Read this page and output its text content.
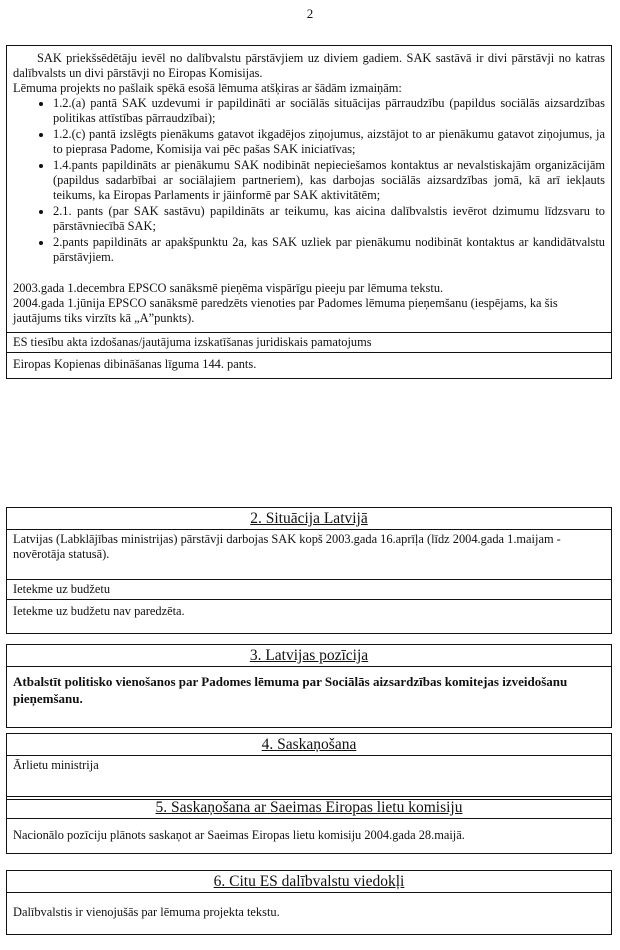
2

SAK priekšsēdētāju ievēl no dalībvalstu pārstāvjiem uz diviem gadiem. SAK sastāvā ir divi pārstāvji no katras dalībvalsts un divi pārstāvji no Eiropas Komisijas.

Lēmuma projekts no pašlaik spēkā esošā lēmuma atšķiras ar šādām izmaiņām:

• 1.2.(a) pantā SAK uzdevumi ir papildināti ar sociālās situācijas pārraudzību (papildus sociālās aizsardzības politikas attīstības pārraudzībai);
• 1.2.(c) pantā izslēgts pienākums gatavot ikgadējos ziņojumus, aizstājot to ar pienākumu gatavot ziņojumus, ja to pieprasa Padome, Komisija vai pēc pašas SAK iniciatīvas;
• 1.4.pants papildināts ar pienākumu SAK nodibināt nepieciešamos kontaktus ar nevalstiskajām organizācijām (papildus sadarbībai ar sociālajiem partneriem), kas darbojas sociālās aizsardzības jomā, kā arī iekļauts teikums, ka Eiropas Parlaments ir jāinformē par SAK aktivitātēm;
• 2.1. pants (par SAK sastāvu) papildināts ar teikumu, kas aicina dalībvalstis ievērot dzimumu līdzsvaru to pārstāvniecībā SAK;
• 2.pants papildināts ar apakšpunktu 2a, kas SAK uzliek par pienākumu nodibināt kontaktus ar kandidātvalstu pārstāvjiem.

2003.gada 1.decembra EPSCO sanāksmē pieņēma vispārīgu pieeju par lēmuma tekstu.

2004.gada 1.jūnija EPSCO sanāksmē paredzēts vienoties par Padomes lēmuma pieņemšanu (iespējams, ka šis jautājums tiks virzīts kā „A”punkts).

ES tiesību akta izdošanas/jautājuma izskatīšanas juridiskais pamatojums
Eiropas Kopienas dibināšanas līguma 144. pants.
2. Situācija Latvijā
Latvijas (Labklājības ministrijas) pārstāvji darbojas SAK kopš 2003.gada 16.aprīļa (līdz 2004.gada 1.maijam - novērotāja statusā).
Ietekme uz budžetu
Ietekme uz budžetu nav paredzēta.
3. Latvijas pozīcija
Atbalstīt politisko vienošanos par Padomes lēmuma par Sociālās aizsardzības komitejas izveidošanu pieņemšanu.
4. Saskaņošana
Ārlietu ministrija
5. Saskaņošana ar Saeimas Eiropas lietu komisiju
Nacionālo pozīciju plānots saskaņot ar Saeimas Eiropas lietu komisiju 2004.gada 28.maijā.
6. Citu ES dalībvalstu viedokļi
Dalībvalstis ir vienojušās par lēmuma projekta tekstu.
